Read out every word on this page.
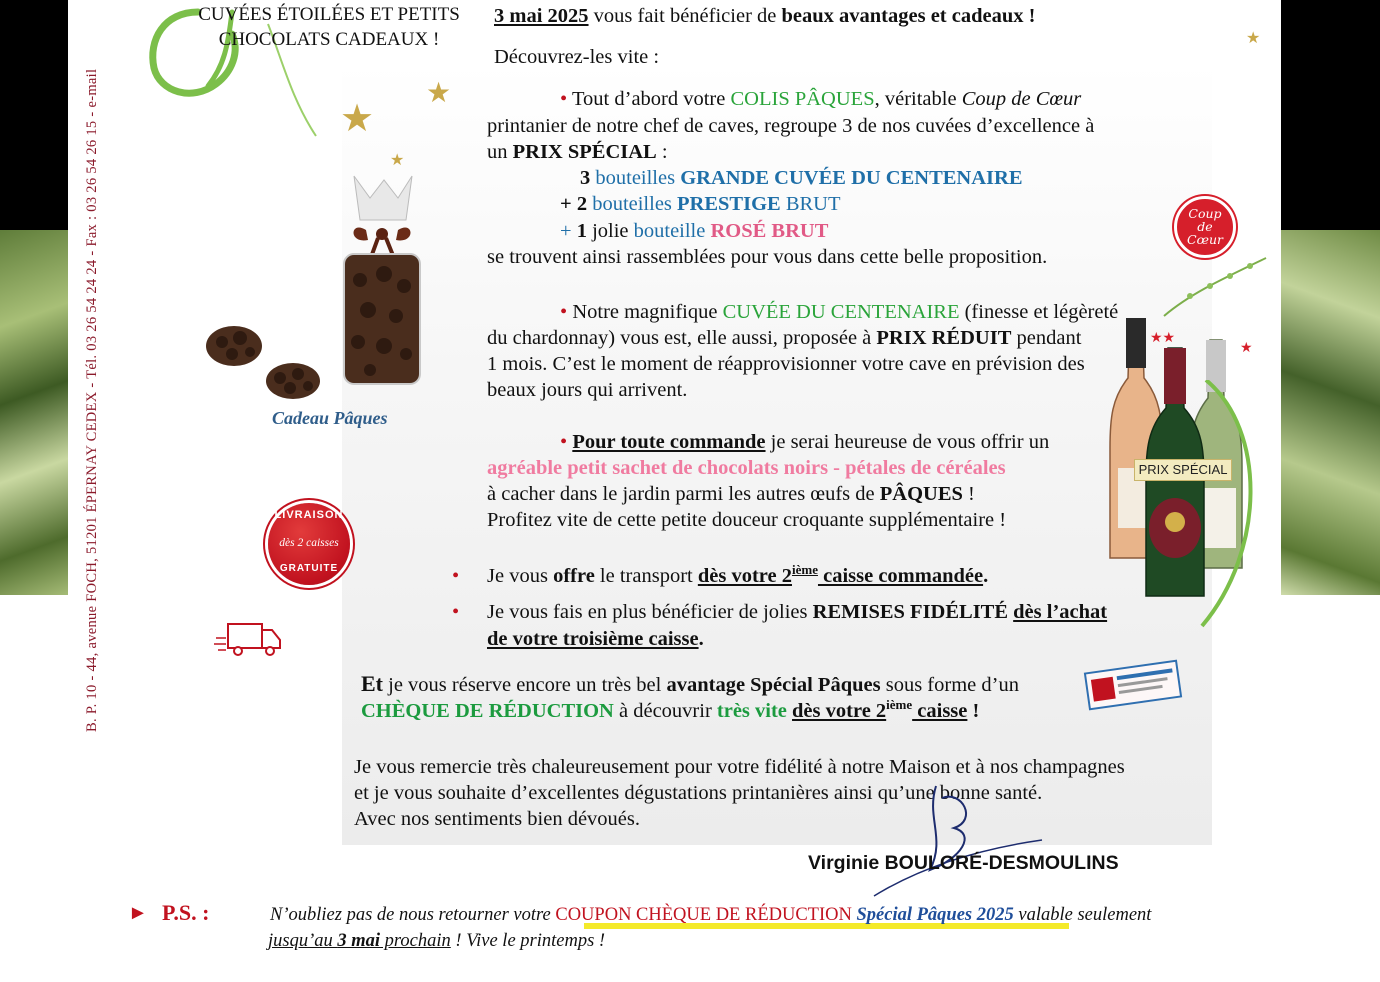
B. P. 10 - 44, avenue FOCH, 51201 ÉPERNAY CEDEX - Tél. 03 26 54 24 24 - Fax : 03 26 54 26 15 - e-mail
CUVÉES ÉTOILÉES ET PETITS
CHOCOLATS CADEAUX !
★
★
★
★
Cadeau Pâques
LIVRAISON
dès 2 caisses
GRATUITE
3 mai 2025 vous fait bénéficier de beaux avantages et cadeaux !
Découvrez-les vite :
• Tout d’abord votre COLIS PÂQUES, véritable Coup de Cœur
printanier de notre chef de caves, regroupe 3 de nos cuvées d’excellence à
un PRIX SPÉCIAL :
3 bouteilles GRANDE CUVÉE DU CENTENAIRE
+ 2 bouteilles PRESTIGE BRUT
+ 1 jolie bouteille ROSÉ BRUT
se trouvent ainsi rassemblées pour vous dans cette belle proposition.
• Notre magnifique CUVÉE DU CENTENAIRE (finesse et légèreté
du chardonnay) vous est, elle aussi, proposée à PRIX RÉDUIT pendant
1 mois. C’est le moment de réapprovisionner votre cave en prévision des
beaux jours qui arrivent.
• Pour toute commande je serai heureuse de vous offrir un
agréable petit sachet de chocolats noirs - pétales de céréales
à cacher dans le jardin parmi les autres œufs de PÂQUES !
Profitez vite de cette petite douceur croquante supplémentaire !
• Je vous offre le transport dès votre 2ième caisse commandée.
• Je vous fais en plus bénéficier de jolies REMISES FIDÉLITÉ dès l’achat
de votre troisième caisse.
Et je vous réserve encore un très bel avantage Spécial Pâques sous forme d’un
CHÈQUE DE RÉDUCTION à découvrir très vite dès votre 2ième caisse !
Je vous remercie très chaleureusement pour votre fidélité à notre Maison et à nos champagnes
et je vous souhaite d’excellentes dégustations printanières ainsi qu’une bonne santé.
Avec nos sentiments bien dévoués.
Coup
de
Cœur
★★
★
PRIX SPÉCIAL
Virginie BOULORÉ-DESMOULINS
► P.S. :	N’oubliez pas de nous retourner votre COUPON CHÈQUE DE RÉDUCTION Spécial Pâques 2025 valable seulement
jusqu’au 3 mai prochain ! Vive le printemps !
